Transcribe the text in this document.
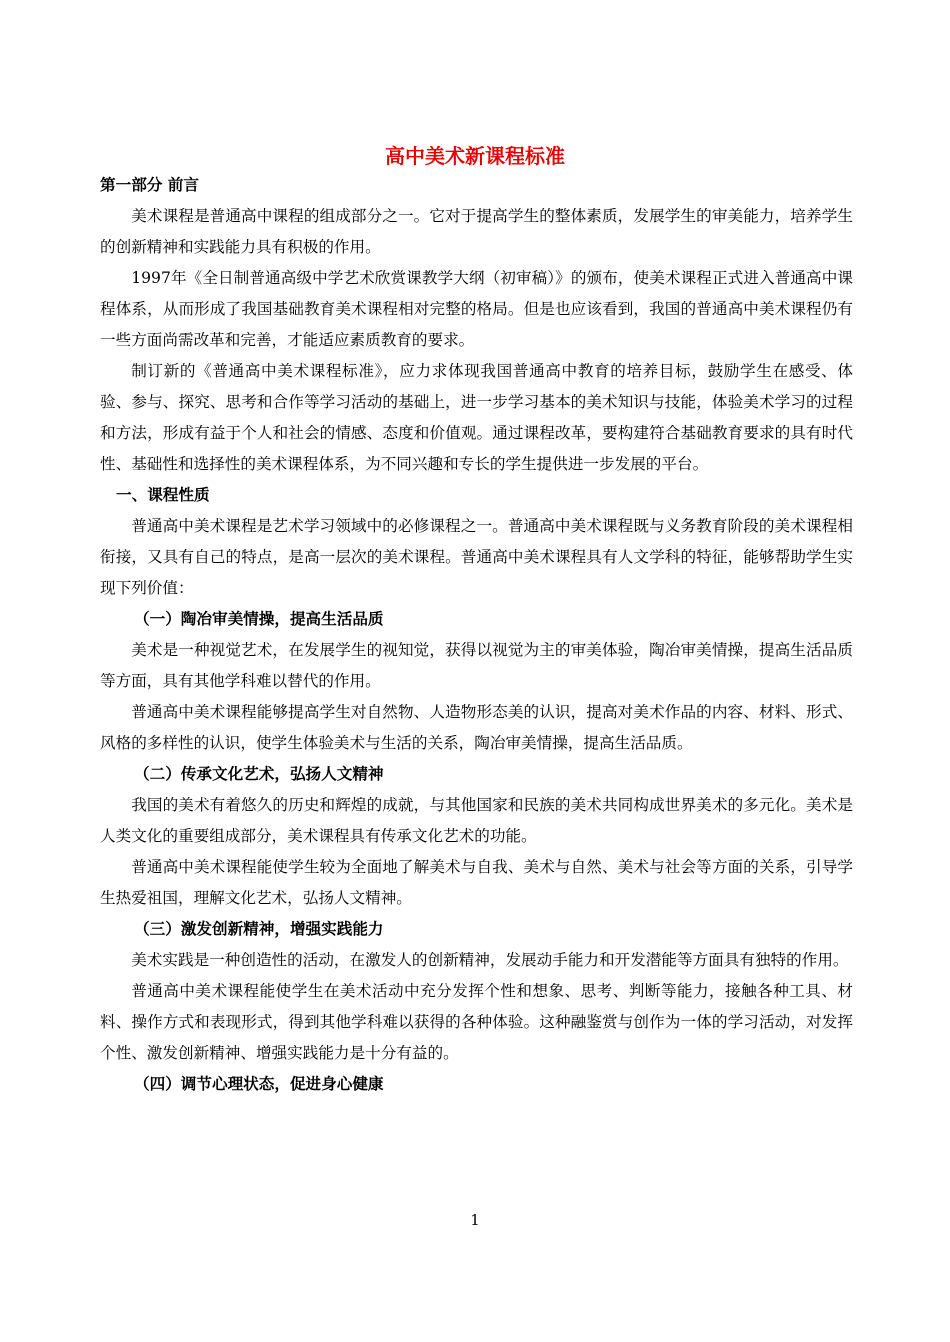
高中美术新课程标准

第一部分 前言

美术课程是普通高中课程的组成部分之一。它对于提高学生的整体素质，发展学生的审美能力，培养学生的创新精神和实践能力具有积极的作用。

1997年《全日制普通高级中学艺术欣赏课教学大纲（初审稿）》的颁布，使美术课程正式进入普通高中课程体系，从而形成了我国基础教育美术课程相对完整的格局。但是也应该看到，我国的普通高中美术课程仍有一些方面尚需改革和完善，才能适应素质教育的要求。

制订新的《普通高中美术课程标准》，应力求体现我国普通高中教育的培养目标，鼓励学生在感受、体验、参与、探究、思考和合作等学习活动的基础上，进一步学习基本的美术知识与技能，体验美术学习的过程和方法，形成有益于个人和社会的情感、态度和价值观。通过课程改革，要构建符合基础教育要求的具有时代性、基础性和选择性的美术课程体系，为不同兴趣和专长的学生提供进一步发展的平台。

一、课程性质

普通高中美术课程是艺术学习领域中的必修课程之一。普通高中美术课程既与义务教育阶段的美术课程相衔接，又具有自己的特点，是高一层次的美术课程。普通高中美术课程具有人文学科的特征，能够帮助学生实现下列价值：

（一）陶冶审美情操，提高生活品质

美术是一种视觉艺术，在发展学生的视知觉，获得以视觉为主的审美体验，陶冶审美情操，提高生活品质等方面，具有其他学科难以替代的作用。

普通高中美术课程能够提高学生对自然物、人造物形态美的认识，提高对美术作品的内容、材料、形式、风格的多样性的认识，使学生体验美术与生活的关系，陶冶审美情操，提高生活品质。

（二）传承文化艺术，弘扬人文精神

我国的美术有着悠久的历史和辉煌的成就，与其他国家和民族的美术共同构成世界美术的多元化。美术是人类文化的重要组成部分，美术课程具有传承文化艺术的功能。

普通高中美术课程能使学生较为全面地了解美术与自我、美术与自然、美术与社会等方面的关系，引导学生热爱祖国，理解文化艺术，弘扬人文精神。

（三）激发创新精神，增强实践能力

美术实践是一种创造性的活动，在激发人的创新精神，发展动手能力和开发潜能等方面具有独特的作用。

普通高中美术课程能使学生在美术活动中充分发挥个性和想象、思考、判断等能力，接触各种工具、材料、操作方式和表现形式，得到其他学科难以获得的各种体验。这种融鉴赏与创作为一体的学习活动，对发挥个性、激发创新精神、增强实践能力是十分有益的。

（四）调节心理状态，促进身心健康

1
